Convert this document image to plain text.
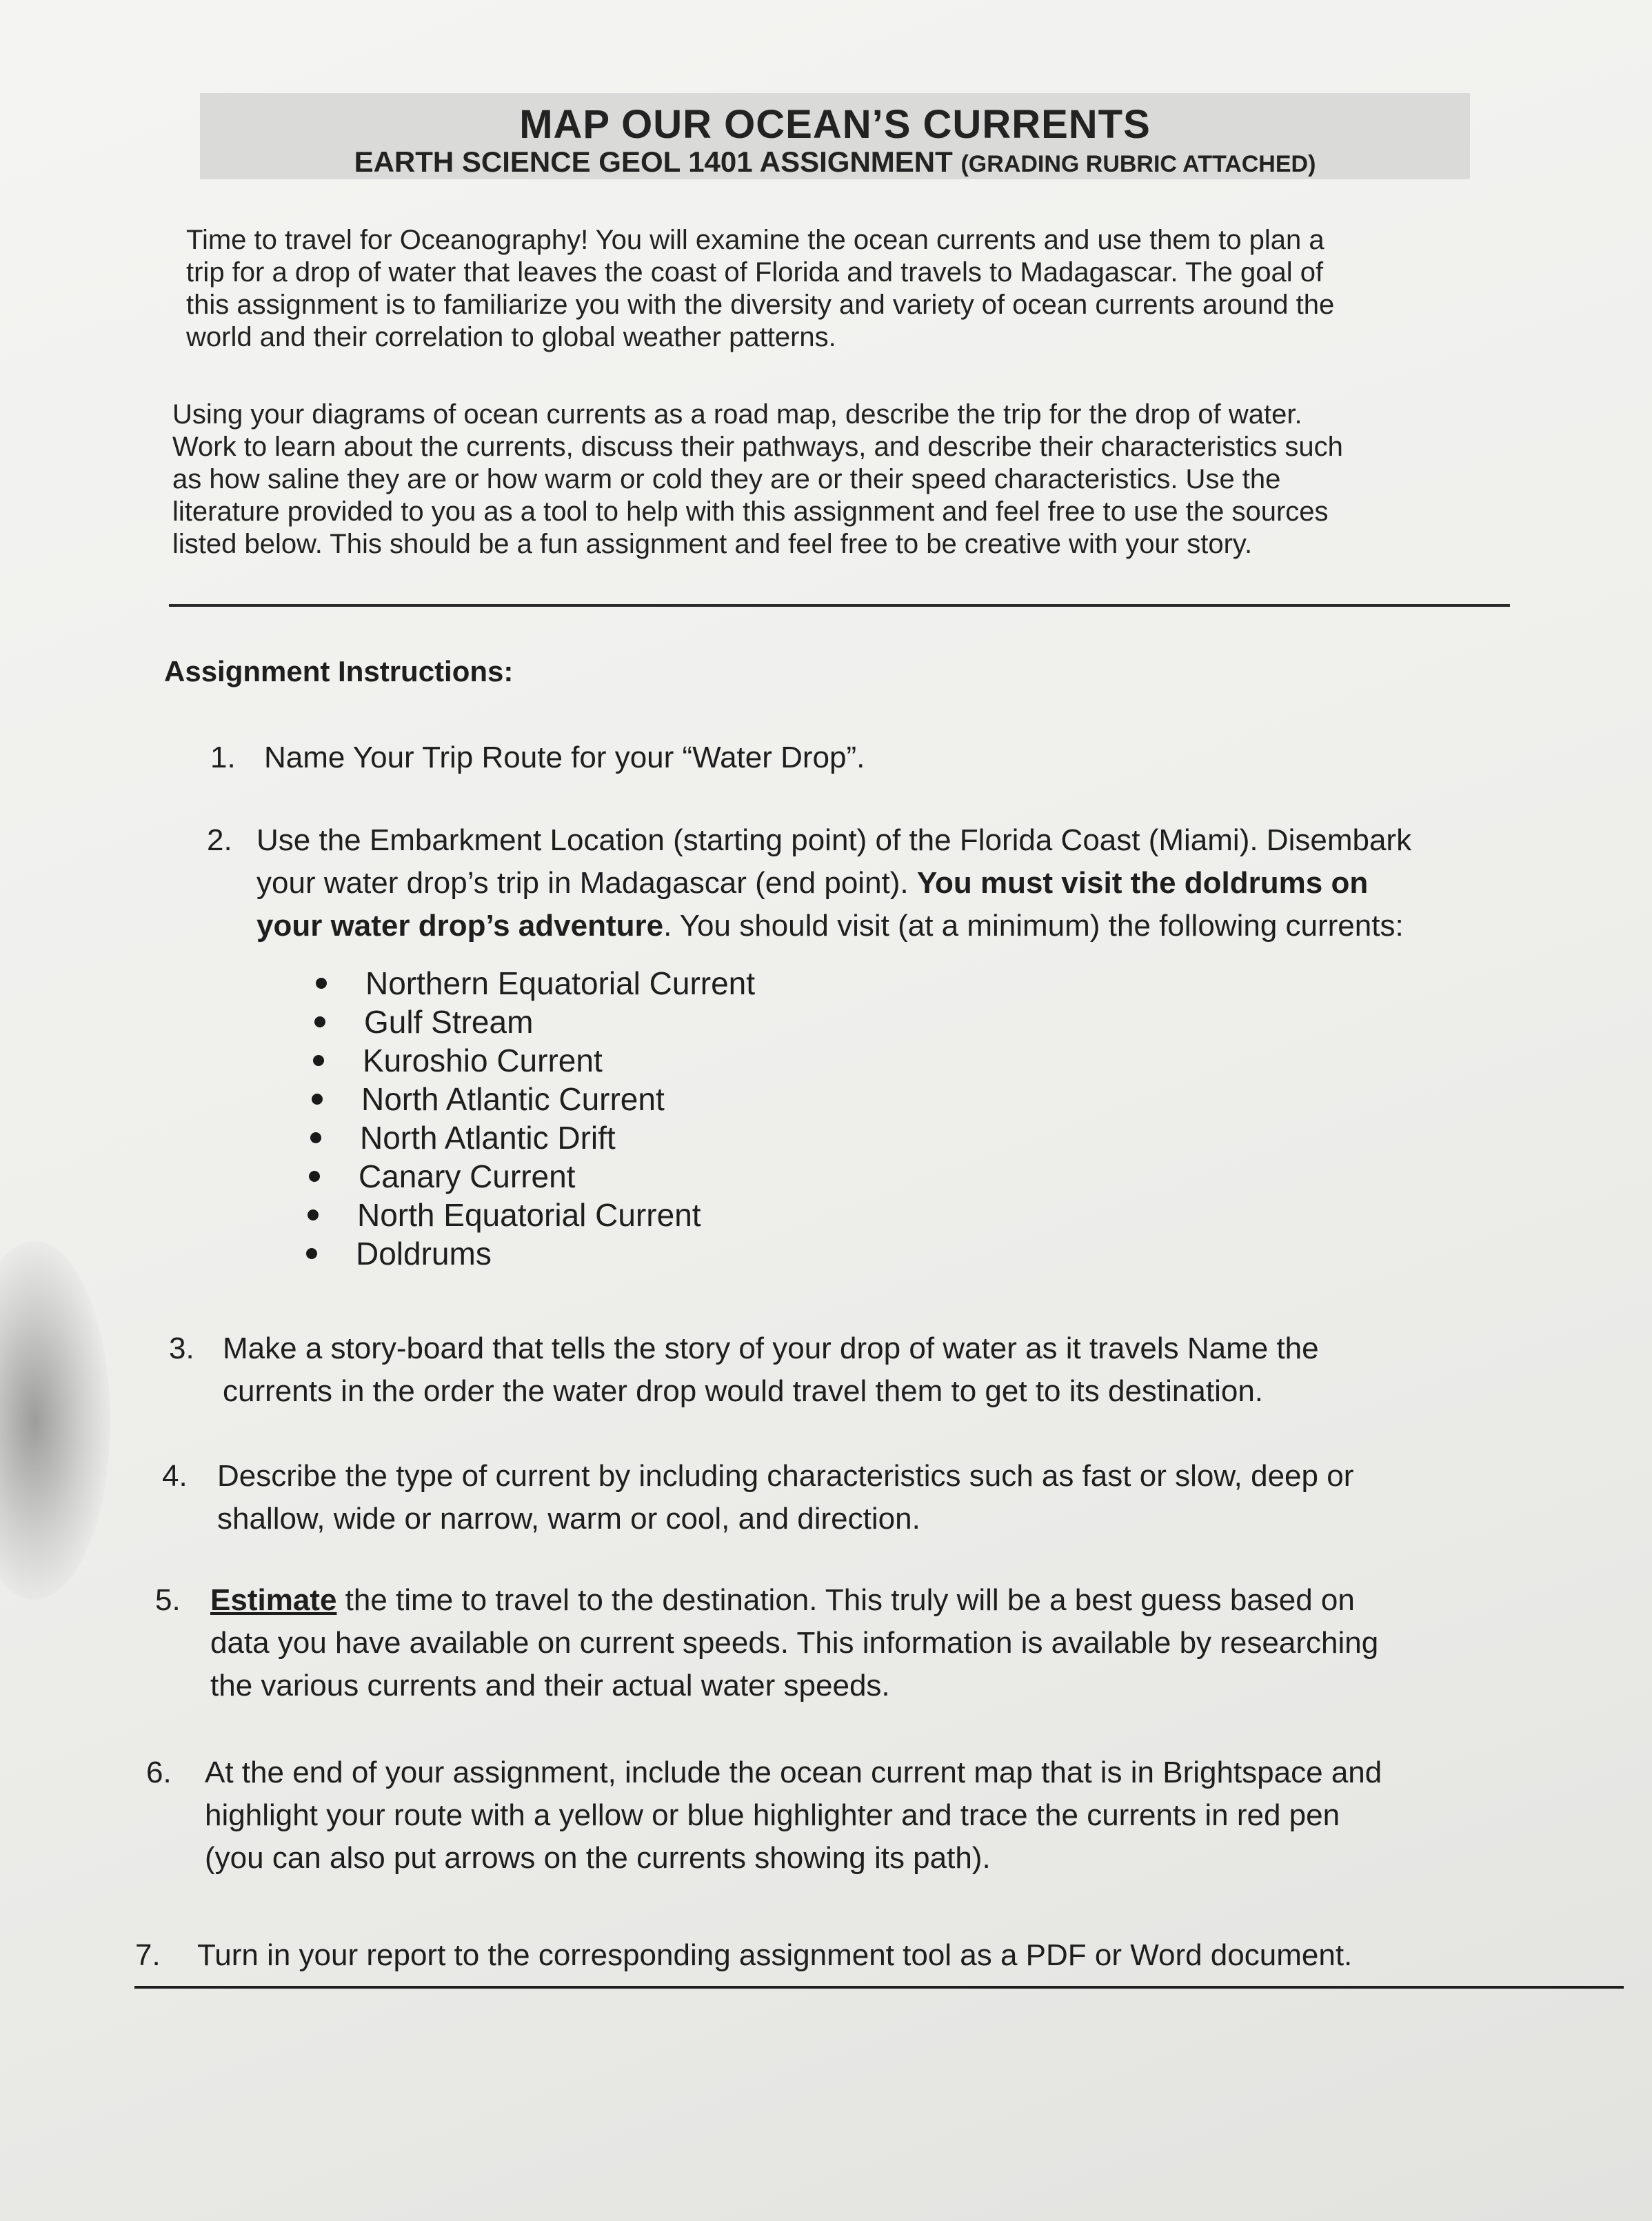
MAP OUR OCEAN’S CURRENTS
EARTH SCIENCE GEOL 1401 ASSIGNMENT (GRADING RUBRIC ATTACHED)
Time to travel for Oceanography! You will examine the ocean currents and use them to plan a
trip for a drop of water that leaves the coast of Florida and travels to Madagascar. The goal of
this assignment is to familiarize you with the diversity and variety of ocean currents around the
world and their correlation to global weather patterns.
Using your diagrams of ocean currents as a road map, describe the trip for the drop of water.
Work to learn about the currents, discuss their pathways, and describe their characteristics such
as how saline they are or how warm or cold they are or their speed characteristics. Use the
literature provided to you as a tool to help with this assignment and feel free to use the sources
listed below. This should be a fun assignment and feel free to be creative with your story.
Assignment Instructions:
1. Name Your Trip Route for your “Water Drop”.
2. Use the Embarkment Location (starting point) of the Florida Coast (Miami). Disembark
your water drop’s trip in Madagascar (end point). You must visit the doldrums on
your water drop’s adventure. You should visit (at a minimum) the following currents:
Northern Equatorial Current
Gulf Stream
Kuroshio Current
North Atlantic Current
North Atlantic Drift
Canary Current
North Equatorial Current
Doldrums
3. Make a story-board that tells the story of your drop of water as it travels Name the
currents in the order the water drop would travel them to get to its destination.
4. Describe the type of current by including characteristics such as fast or slow, deep or
shallow, wide or narrow, warm or cool, and direction.
5. Estimate the time to travel to the destination. This truly will be a best guess based on
data you have available on current speeds. This information is available by researching
the various currents and their actual water speeds.
6. At the end of your assignment, include the ocean current map that is in Brightspace and
highlight your route with a yellow or blue highlighter and trace the currents in red pen
(you can also put arrows on the currents showing its path).
7. Turn in your report to the corresponding assignment tool as a PDF or Word document.
